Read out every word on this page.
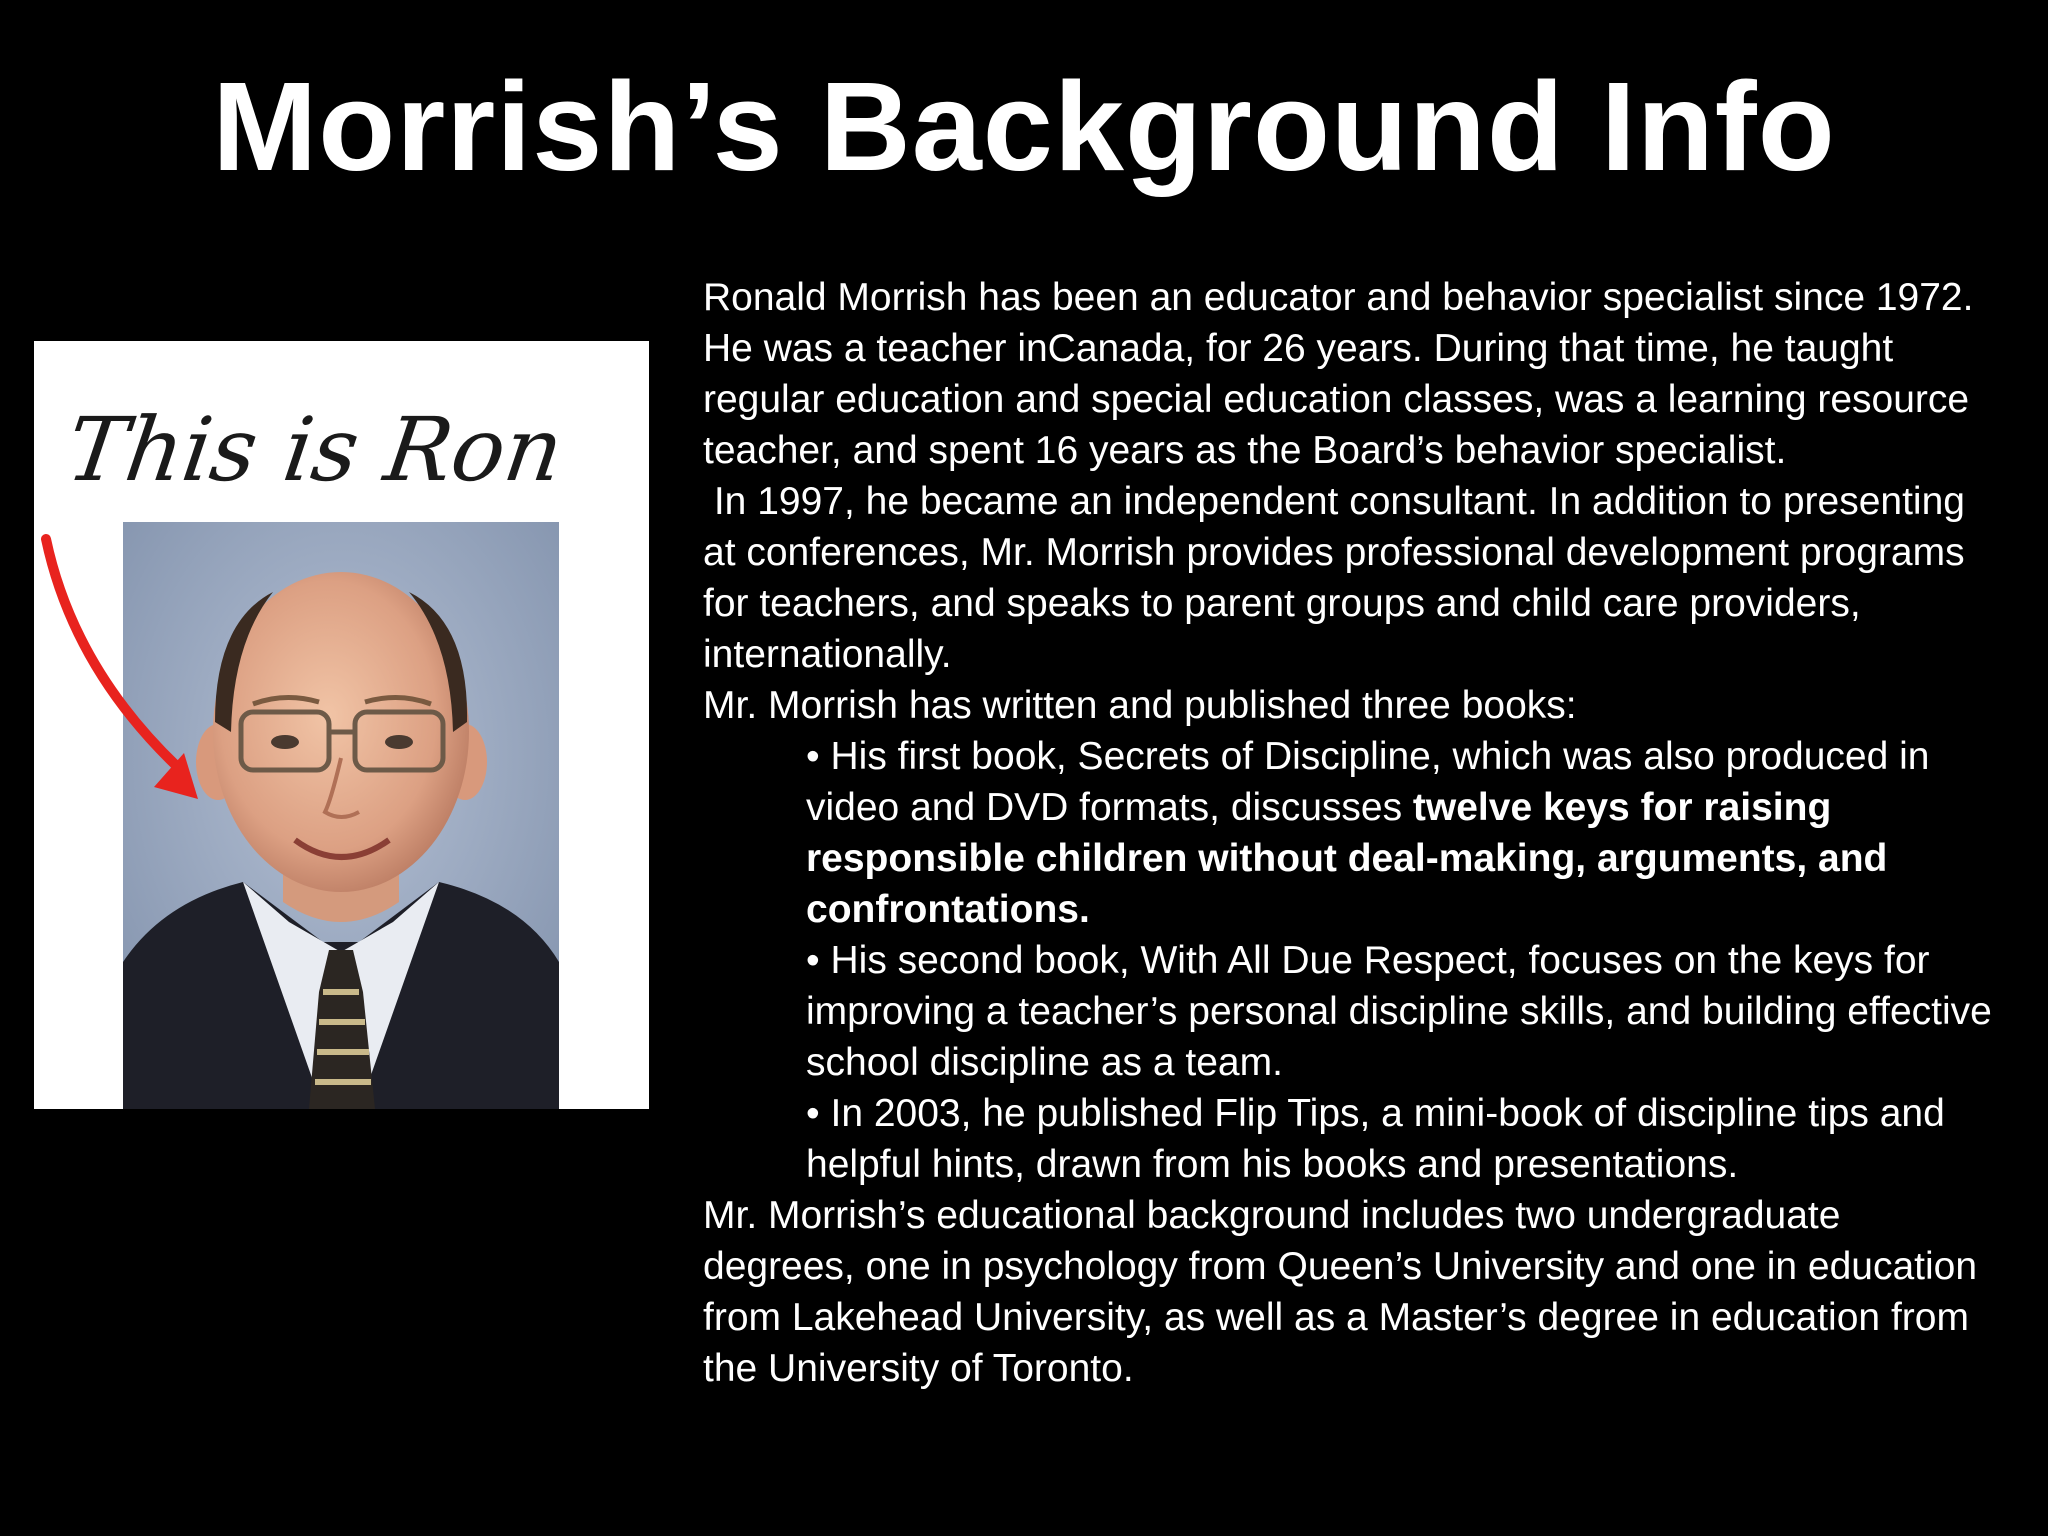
Morrish’s Background Info
This is Ron

Ronald Morrish has been an educator and behavior specialist since 1972. He was a teacher inCanada, for 26 years. During that time, he taught regular education and special education classes, was a learning resource teacher, and spent 16 years as the Board’s behavior specialist.

In 1997, he became an independent consultant. In addition to presenting at conferences, Mr. Morrish provides professional development programs for teachers, and speaks to parent groups and child care providers, internationally.

Mr. Morrish has written and published three books:

• His first book, Secrets of Discipline, which was also produced in video and DVD formats, discusses twelve keys for raising responsible children without deal-making, arguments, and confrontations.

• His second book, With All Due Respect, focuses on the keys for improving a teacher’s personal discipline skills, and building effective school discipline as a team.

• In 2003, he published Flip Tips, a mini-book of discipline tips and helpful hints, drawn from his books and presentations.

Mr. Morrish’s educational background includes two undergraduate degrees, one in psychology from Queen’s University and one in education from Lakehead University, as well as a Master’s degree in education from the University of Toronto.
